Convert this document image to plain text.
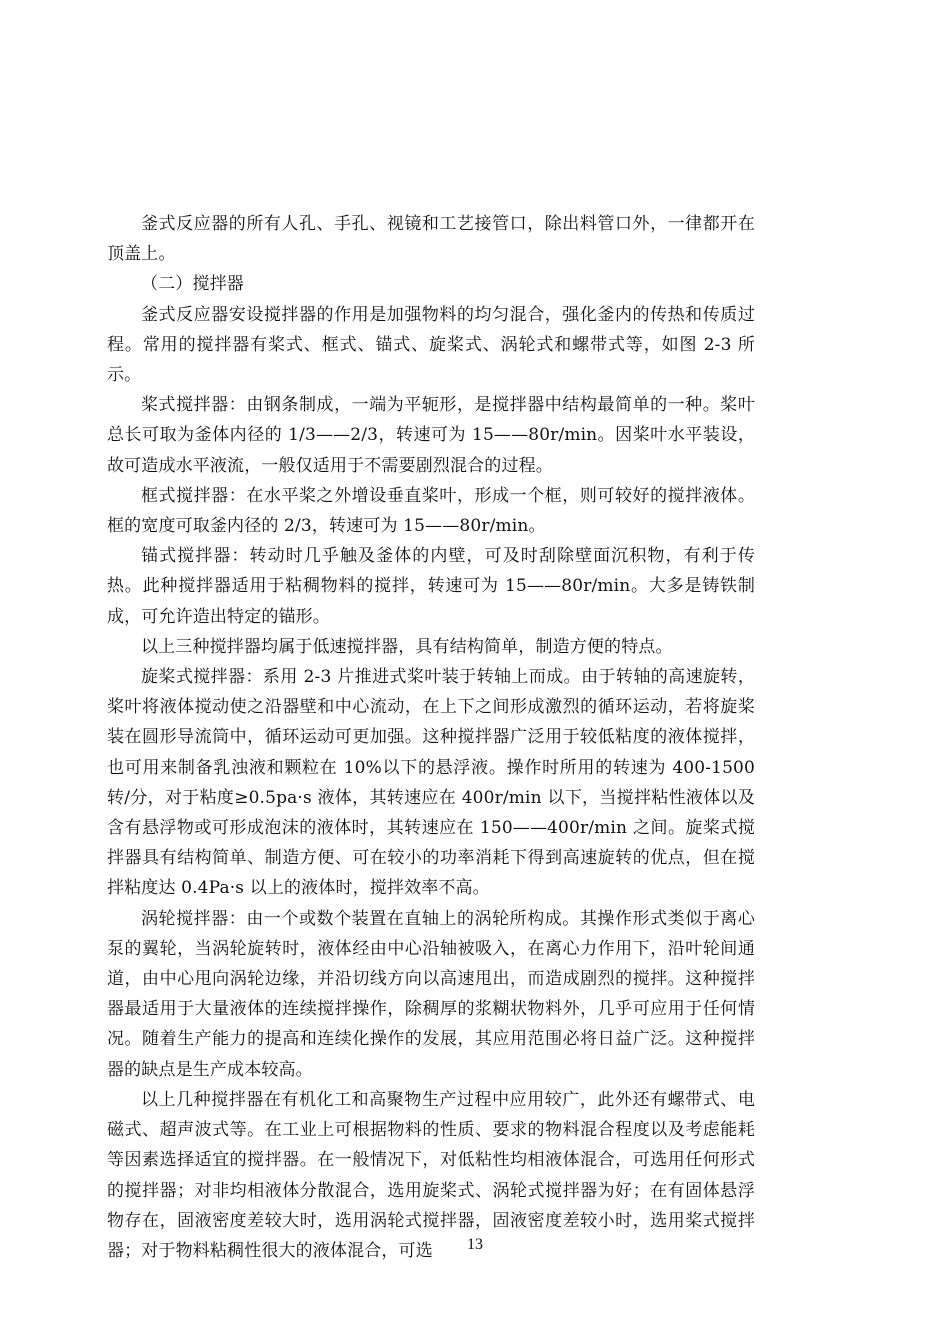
釜式反应器的所有人孔、手孔、视镜和工艺接管口，除出料管口外，一律都开在顶盖上。

（二）搅拌器

釜式反应器安设搅拌器的作用是加强物料的均匀混合，强化釜内的传热和传质过程。常用的搅拌器有桨式、框式、锚式、旋桨式、涡轮式和螺带式等，如图 2-3 所示。

桨式搅拌器：由钢条制成，一端为平轭形，是搅拌器中结构最简单的一种。桨叶总长可取为釜体内径的 1/3——2/3，转速可为 15——80r/min。因桨叶水平装设，故可造成水平液流，一般仅适用于不需要剧烈混合的过程。

框式搅拌器：在水平桨之外增设垂直桨叶，形成一个框，则可较好的搅拌液体。框的宽度可取釜内径的 2/3，转速可为 15——80r/min。

锚式搅拌器：转动时几乎触及釜体的内壁，可及时刮除壁面沉积物，有利于传热。此种搅拌器适用于粘稠物料的搅拌，转速可为 15——80r/min。大多是铸铁制成，可允许造出特定的锚形。

以上三种搅拌器均属于低速搅拌器，具有结构简单，制造方便的特点。

旋桨式搅拌器：系用 2-3 片推进式桨叶装于转轴上而成。由于转轴的高速旋转，桨叶将液体搅动使之沿器壁和中心流动，在上下之间形成激烈的循环运动，若将旋桨装在圆形导流筒中，循环运动可更加强。这种搅拌器广泛用于较低粘度的液体搅拌，也可用来制备乳浊液和颗粒在 10%以下的悬浮液。操作时所用的转速为 400-1500 转/分，对于粘度≥0.5pa·s 液体，其转速应在 400r/min 以下，当搅拌粘性液体以及含有悬浮物或可形成泡沫的液体时，其转速应在 150——400r/min 之间。旋桨式搅拌器具有结构简单、制造方便、可在较小的功率消耗下得到高速旋转的优点，但在搅拌粘度达 0.4Pa·s 以上的液体时，搅拌效率不高。

涡轮搅拌器：由一个或数个装置在直轴上的涡轮所构成。其操作形式类似于离心泵的翼轮，当涡轮旋转时，液体经由中心沿轴被吸入，在离心力作用下，沿叶轮间通道，由中心甩向涡轮边缘，并沿切线方向以高速甩出，而造成剧烈的搅拌。这种搅拌器最适用于大量液体的连续搅拌操作，除稠厚的浆糊状物料外，几乎可应用于任何情况。随着生产能力的提高和连续化操作的发展，其应用范围必将日益广泛。这种搅拌器的缺点是生产成本较高。

以上几种搅拌器在有机化工和高聚物生产过程中应用较广，此外还有螺带式、电磁式、超声波式等。在工业上可根据物料的性质、要求的物料混合程度以及考虑能耗等因素选择适宜的搅拌器。在一般情况下，对低粘性均相液体混合，可选用任何形式的搅拌器；对非均相液体分散混合，选用旋桨式、涡轮式搅拌器为好；在有固体悬浮物存在，固液密度差较大时，选用涡轮式搅拌器，固液密度差较小时，选用桨式搅拌器；对于物料粘稠性很大的液体混合，可选	13
